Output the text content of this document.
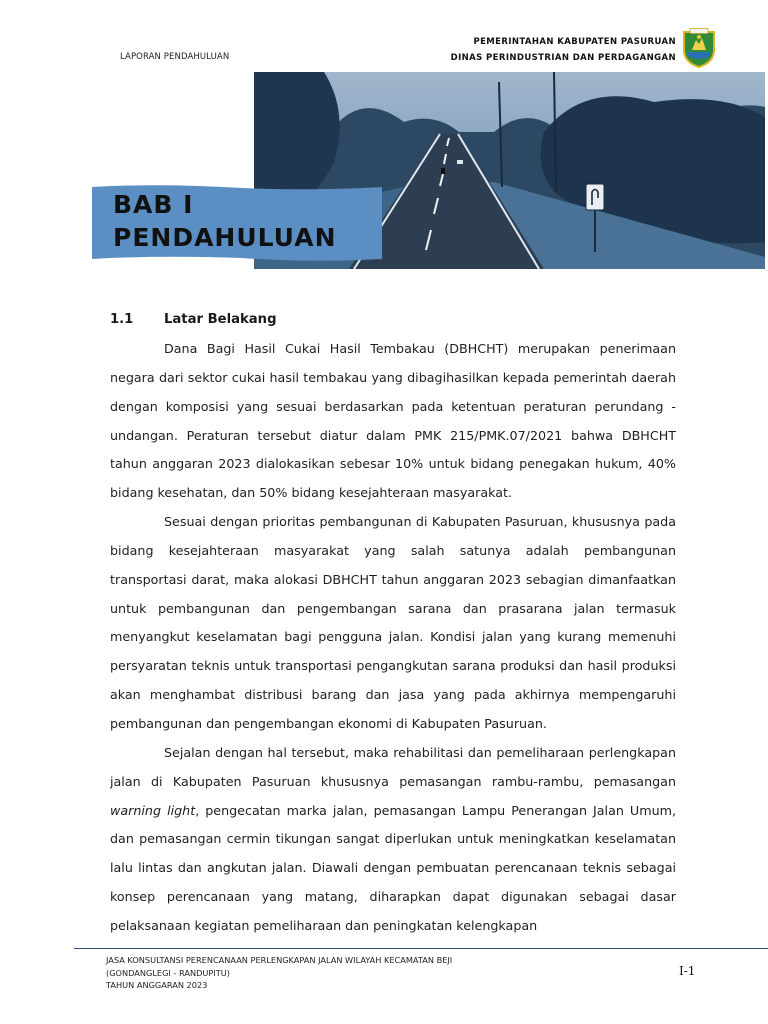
LAPORAN PENDAHULUAN
PEMERINTAHAN KABUPATEN PASURUAN
DINAS PERINDUSTRIAN DAN PERDAGANGAN
BAB I
PENDAHULUAN
1.1 Latar Belakang

Dana Bagi Hasil Cukai Hasil Tembakau (DBHCHT) merupakan penerimaan negara dari sektor cukai hasil tembakau yang dibagihasilkan kepada pemerintah daerah dengan komposisi yang sesuai berdasarkan pada ketentuan peraturan perundang - undangan. Peraturan tersebut diatur dalam PMK 215/PMK.07/2021 bahwa DBHCHT tahun anggaran 2023 dialokasikan sebesar 10% untuk bidang penegakan hukum, 40% bidang kesehatan, dan 50% bidang kesejahteraan masyarakat.

Sesuai dengan prioritas pembangunan di Kabupaten Pasuruan, khususnya pada bidang kesejahteraan masyarakat yang salah satunya adalah pembangunan transportasi darat, maka alokasi DBHCHT tahun anggaran 2023 sebagian dimanfaatkan untuk pembangunan dan pengembangan sarana dan prasarana jalan termasuk menyangkut keselamatan bagi pengguna jalan. Kondisi jalan yang kurang memenuhi persyaratan teknis untuk transportasi pengangkutan sarana produksi dan hasil produksi akan menghambat distribusi barang dan jasa yang pada akhirnya mempengaruhi pembangunan dan pengembangan ekonomi di Kabupaten Pasuruan.

Sejalan dengan hal tersebut, maka rehabilitasi dan pemeliharaan perlengkapan jalan di Kabupaten Pasuruan khususnya pemasangan rambu-rambu, pemasangan warning light, pengecatan marka jalan, pemasangan Lampu Penerangan Jalan Umum, dan pemasangan cermin tikungan sangat diperlukan untuk meningkatkan keselamatan lalu lintas dan angkutan jalan. Diawali dengan pembuatan perencanaan teknis sebagai konsep perencanaan yang matang, diharapkan dapat digunakan sebagai dasar pelaksanaan kegiatan pemeliharaan dan peningkatan kelengkapan

JASA KONSULTANSI PERENCANAAN PERLENGKAPAN JALAN WILAYAH KECAMATAN BEJI
(GONDANGLEGI - RANDUPITU)
TAHUN ANGGARAN 2023
I-1
